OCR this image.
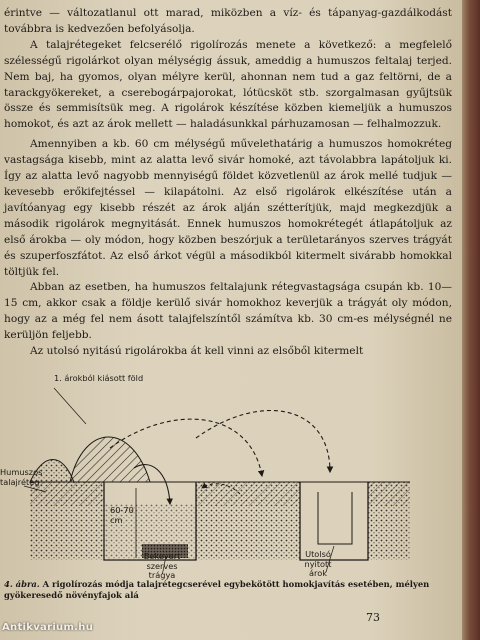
érintve — változatlanul ott marad, miközben a víz- és tápanyag-gazdálkodást továbbra is kedvezően befolyásolja.

A talajrétegeket felcserélő rigolírozás menete a következő: a megfelelő szélességű rigolárkot olyan mélységig ássuk, ameddig a humuszos feltalaj terjed. Nem baj, ha gyomos, olyan mélyre kerül, ahonnan nem tud a gaz feltörni, de a tarackgyökereket, a cserebogárpajorokat, lótücsköt stb. szorgalmasan gyűjtsük össze és semmisítsük meg. A rigolárok készítése közben kiemeljük a humuszos homokot, és azt az árok mellett — haladásunkkal párhuzamosan — felhalmozzuk.

Amennyiben a kb. 60 cm mélységű művelethatárig a humuszos homokréteg vastagsága kisebb, mint az alatta levő sivár homoké, azt távolabbra lapátoljuk ki. Így az alatta levő nagyobb mennyiségű földet közvetlenül az árok mellé tudjuk — kevesebb erőkifejtéssel — kilapátolni. Az első rigolárok elkészítése után a javítóanyag egy kisebb részét az árok alján szétterítjük, majd megkezdjük a második rigolárok megnyitását. Ennek humuszos homokrétegét átlapátoljuk az első árokba — oly módon, hogy közben beszórjuk a területarányos szerves trágyát és szuperfoszfátot. Az első árkot végül a másodikból kitermelt sivárabb homokkal töltjük fel.

Abban az esetben, ha humuszos feltalajunk rétegvastagsága csupán kb. 10—15 cm, akkor csak a földje kerülő sivár homokhoz keverjük a trágyát oly módon, hogy az a még fel nem ásott talajfelszíntől számítva kb. 30 cm-es mélységnél ne kerüljön feljebb.

Az utolsó nyitású rigolárokba át kell vinni az elsőből kitermelt

1. árokból kiásott föld
Humuszos talajréteg
60-70 cm
Bekevert szerves trágya
Utolsó nyitott árok
4. ábra. A rigolírozás módja talajrétegcserével egybekötött homokjavítás esetében, mélyen gyökeresedő növényfajok alá
73
Antikvarium.hu
